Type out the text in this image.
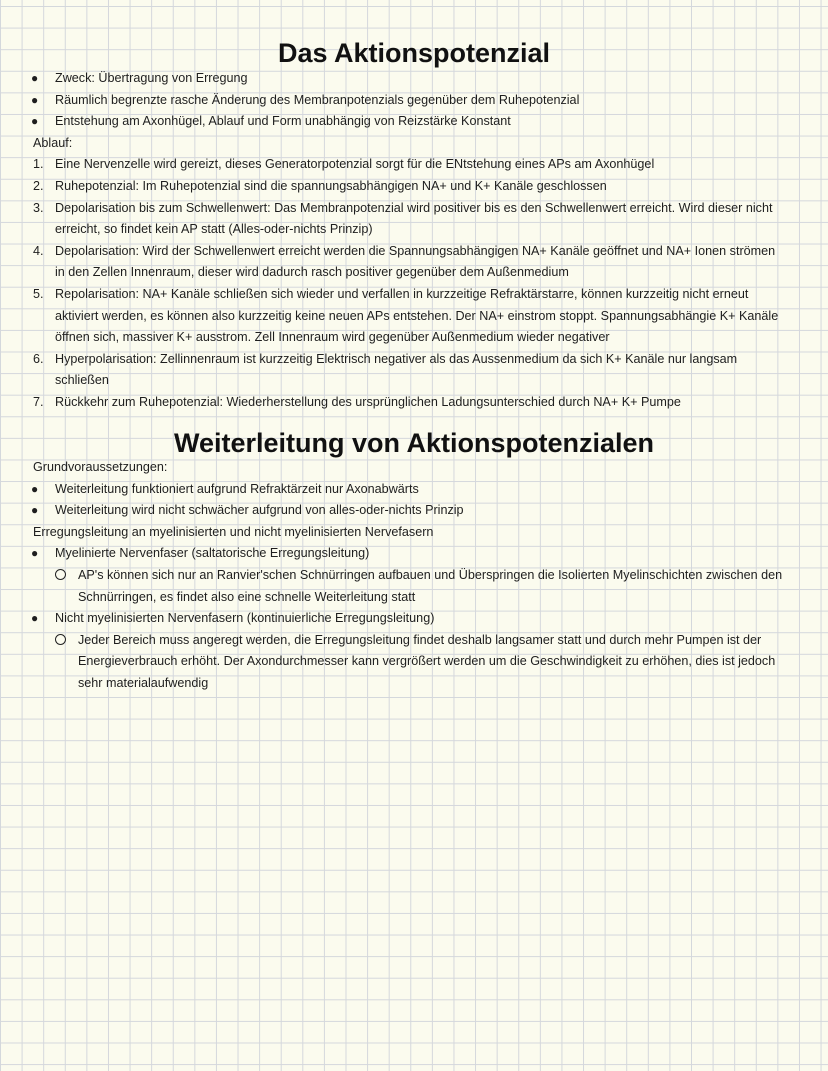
Das Aktionspotenzial
●	Zweck: Übertragung von Erregung
●	Räumlich begrenzte rasche Änderung des Membranpotenzials gegenüber dem Ruhepotenzial
●	Entstehung am Axonhügel, Ablauf und Form unabhängig von Reizstärke Konstant
Ablauf:
1. Eine Nervenzelle wird gereizt, dieses Generatorpotenzial sorgt für die ENtstehung eines APs am Axonhügel
2. Ruhepotenzial: Im Ruhepotenzial sind die spannungsabhängigen NA+ und K+ Kanäle geschlossen
3. Depolarisation bis zum Schwellenwert: Das Membranpotenzial wird positiver bis es den Schwellenwert erreicht. Wird dieser nicht erreicht, so findet kein AP statt (Alles-oder-nichts Prinzip)
4. Depolarisation: Wird der Schwellenwert erreicht werden die Spannungsabhängigen NA+ Kanäle geöffnet und NA+ Ionen strömen in den Zellen Innenraum, dieser wird dadurch rasch positiver gegenüber dem Außenmedium
5. Repolarisation: NA+ Kanäle schließen sich wieder und verfallen in kurzzeitige Refraktärstarre, können kurzzeitig nicht erneut aktiviert werden, es können also kurzzeitig keine neuen APs entstehen. Der NA+ einstrom stoppt. Spannungsabhängie K+ Kanäle öffnen sich, massiver K+ ausstrom. Zell Innenraum wird gegenüber Außenmedium wieder negativer
6. Hyperpolarisation: Zellinnenraum ist kurzzeitig Elektrisch negativer als das Aussenmedium da sich K+ Kanäle nur langsam schließen
7. Rückkehr zum Ruhepotenzial: Wiederherstellung des ursprünglichen Ladungsunterschied durch NA+ K+ Pumpe
Weiterleitung von Aktionspotenzialen
Grundvoraussetzungen:
●	Weiterleitung funktioniert aufgrund Refraktärzeit nur Axonabwärts
●	Weiterleitung wird nicht schwächer aufgrund von alles-oder-nichts Prinzip
Erregungsleitung an myelinisierten und nicht myelinisierten Nervefasern
●	Myelinierte Nervenfaser (saltatorische Erregungsleitung)
AP's können sich nur an Ranvier'schen Schnürringen aufbauen und Überspringen die Isolierten Myelinschichten zwischen den Schnürringen, es findet also eine schnelle Weiterleitung statt
●	Nicht myelinisierten Nervenfasern (kontinuierliche Erregungsleitung)
Jeder Bereich muss angeregt werden, die Erregungsleitung findet deshalb langsamer statt und durch mehr Pumpen ist der Energieverbrauch erhöht. Der Axondurchmesser kann vergrößert werden um die Geschwindigkeit zu erhöhen, dies ist jedoch sehr materialaufwendig
